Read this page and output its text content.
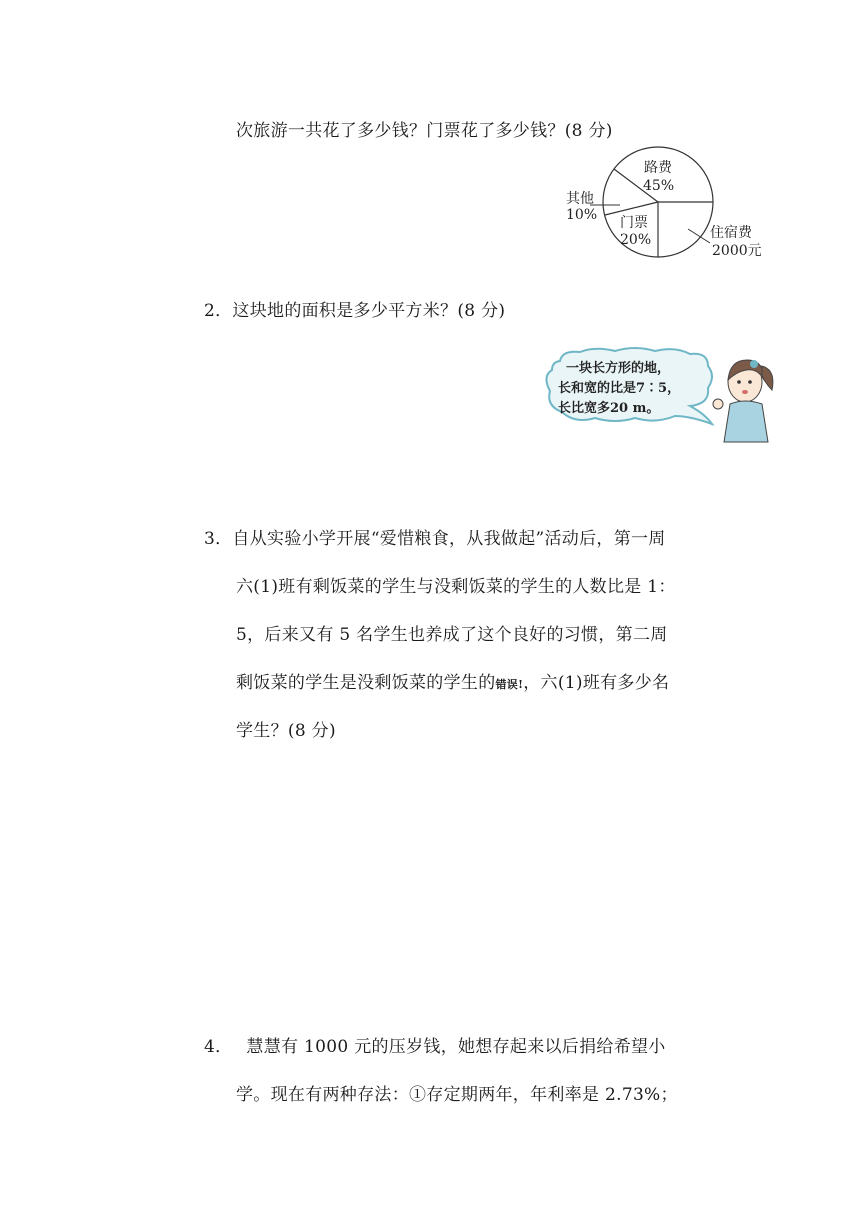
次旅游一共花了多少钱？门票花了多少钱？(8 分)
路费
45%
住宿费
2000元
门票
20%
其他
10%
2．这块地的面积是多少平方米？(8 分)
一块长方形的地，
长和宽的比是7∶5，
长比宽多20 m。
3．自从实验小学开展“爱惜粮食，从我做起”活动后，第一周
六(1)班有剩饭菜的学生与没剩饭菜的学生的人数比是 1：
5，后来又有 5 名学生也养成了这个良好的习惯，第二周
剩饭菜的学生是没剩饭菜的学生的错误!，六(1)班有多少名
学生？(8 分)
4． 慧慧有 1000 元的压岁钱，她想存起来以后捐给希望小
学。现在有两种存法：①存定期两年，年利率是 2.73%；
